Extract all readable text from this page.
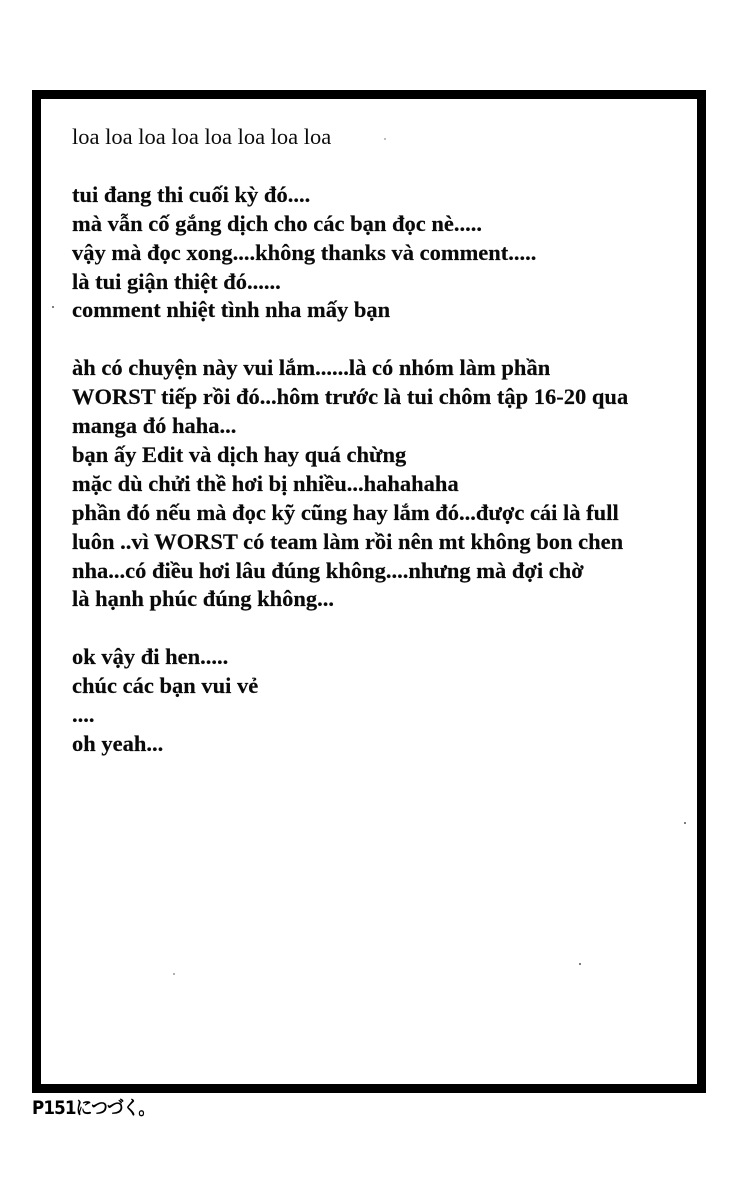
loa loa loa loa loa loa loa loa
tui đang thi cuối kỳ đó....
mà vẫn cố gắng dịch cho các bạn đọc nè.....
vậy mà đọc xong....không thanks và comment.....
là tui giận thiệt đó......
comment nhiệt tình nha mấy bạn
àh có chuyện này vui lắm......là có nhóm làm phần
WORST tiếp rồi đó...hôm trước là tui chôm tập 16-20 qua
manga đó haha...
bạn ấy Edit và dịch hay quá chừng
mặc dù chửi thề hơi bị nhiều...hahahaha
phần đó nếu mà đọc kỹ cũng hay lắm đó...được cái là full
luôn ..vì WORST có team làm rồi nên mt không bon chen
nha...có điều hơi lâu đúng không....nhưng mà đợi chờ
là hạnh phúc đúng không...
ok vậy đi hen.....
chúc các bạn vui vẻ
....
oh yeah...
P151につづく。
